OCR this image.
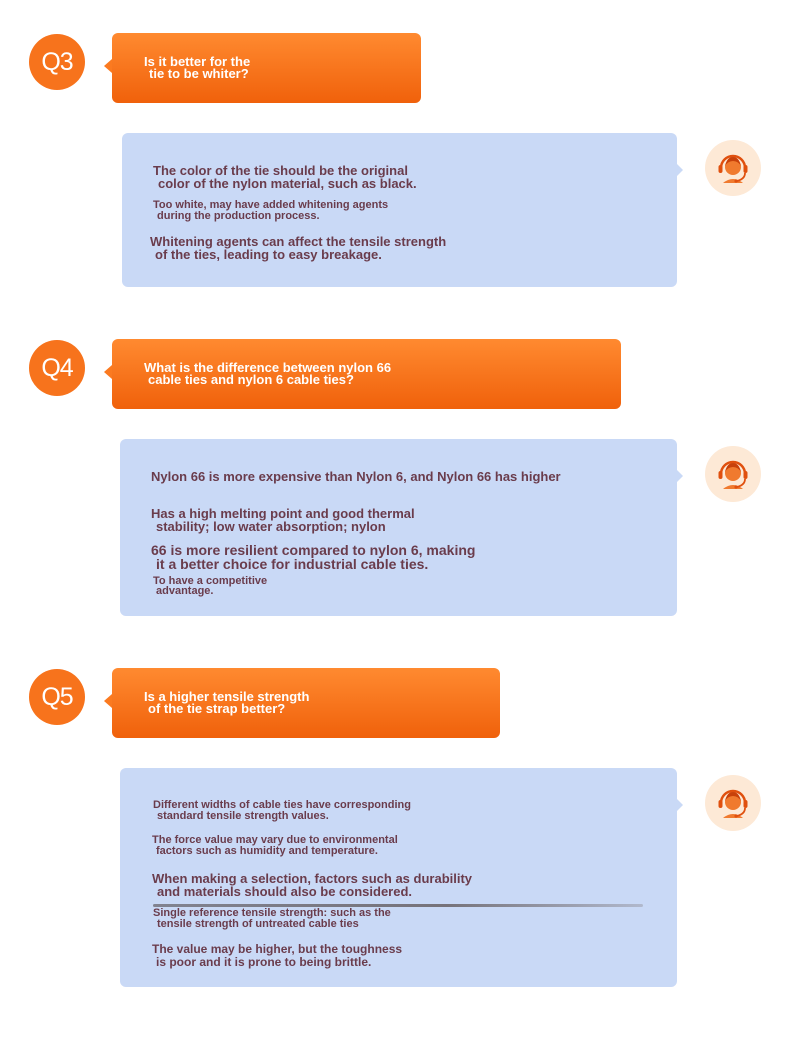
Q3	Is it better for the
tie to be whiter?
The color of the tie should be the original
color of the nylon material, such as black.
Too white, may have added whitening agents
during the production process.
Whitening agents can affect the tensile strength
of the ties, leading to easy breakage.
Q4	What is the difference between nylon 66
cable ties and nylon 6 cable ties?
Nylon 66 is more expensive than Nylon 6, and Nylon 66 has higher
Has a high melting point and good thermal
stability; low water absorption; nylon
66 is more resilient compared to nylon 6, making
it a better choice for industrial cable ties.
To have a competitive
advantage.
Q5	Is a higher tensile strength
of the tie strap better?
Different widths of cable ties have corresponding
standard tensile strength values.
The force value may vary due to environmental
factors such as humidity and temperature.
When making a selection, factors such as durability
and materials should also be considered.
Single reference tensile strength: such as the
tensile strength of untreated cable ties
The value may be higher, but the toughness
is poor and it is prone to being brittle.
